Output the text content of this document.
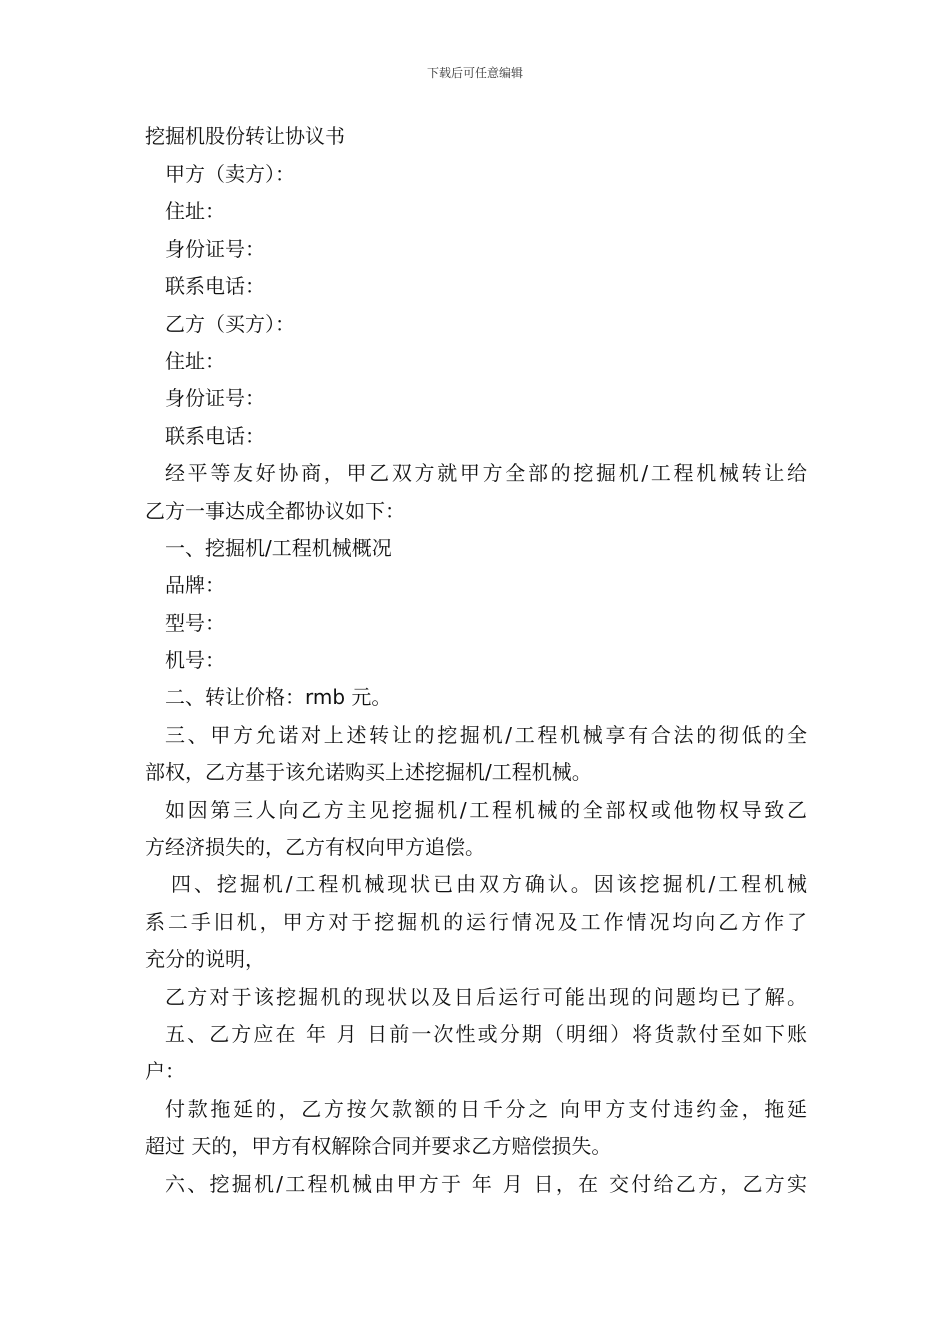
下载后可任意编辑
挖掘机股份转让协议书
甲方（卖方）：
住址：
身份证号：
联系电话：
乙方（买方）：
住址：
身份证号：
联系电话：
经平等友好协商，甲乙双方就甲方全部的挖掘机/工程机械转让给
乙方一事达成全都协议如下：
一、挖掘机/工程机械概况
品牌：
型号：
机号：
二、转让价格：rmb 元。
三、甲方允诺对上述转让的挖掘机/工程机械享有合法的彻低的全
部权，乙方基于该允诺购买上述挖掘机/工程机械。
如因第三人向乙方主见挖掘机/工程机械的全部权或他物权导致乙
方经济损失的，乙方有权向甲方追偿。
四、挖掘机/工程机械现状已由双方确认。因该挖掘机/工程机械
系二手旧机，甲方对于挖掘机的运行情况及工作情况均向乙方作了
充分的说明，
乙方对于该挖掘机的现状以及日后运行可能出现的问题均已了解。
五、乙方应在 年 月 日前一次性或分期（明细）将货款付至如下账
户：
付款拖延的，乙方按欠款额的日千分之 向甲方支付违约金，拖延
超过 天的，甲方有权解除合同并要求乙方赔偿损失。
六、挖掘机/工程机械由甲方于 年 月 日，在 交付给乙方，乙方实
